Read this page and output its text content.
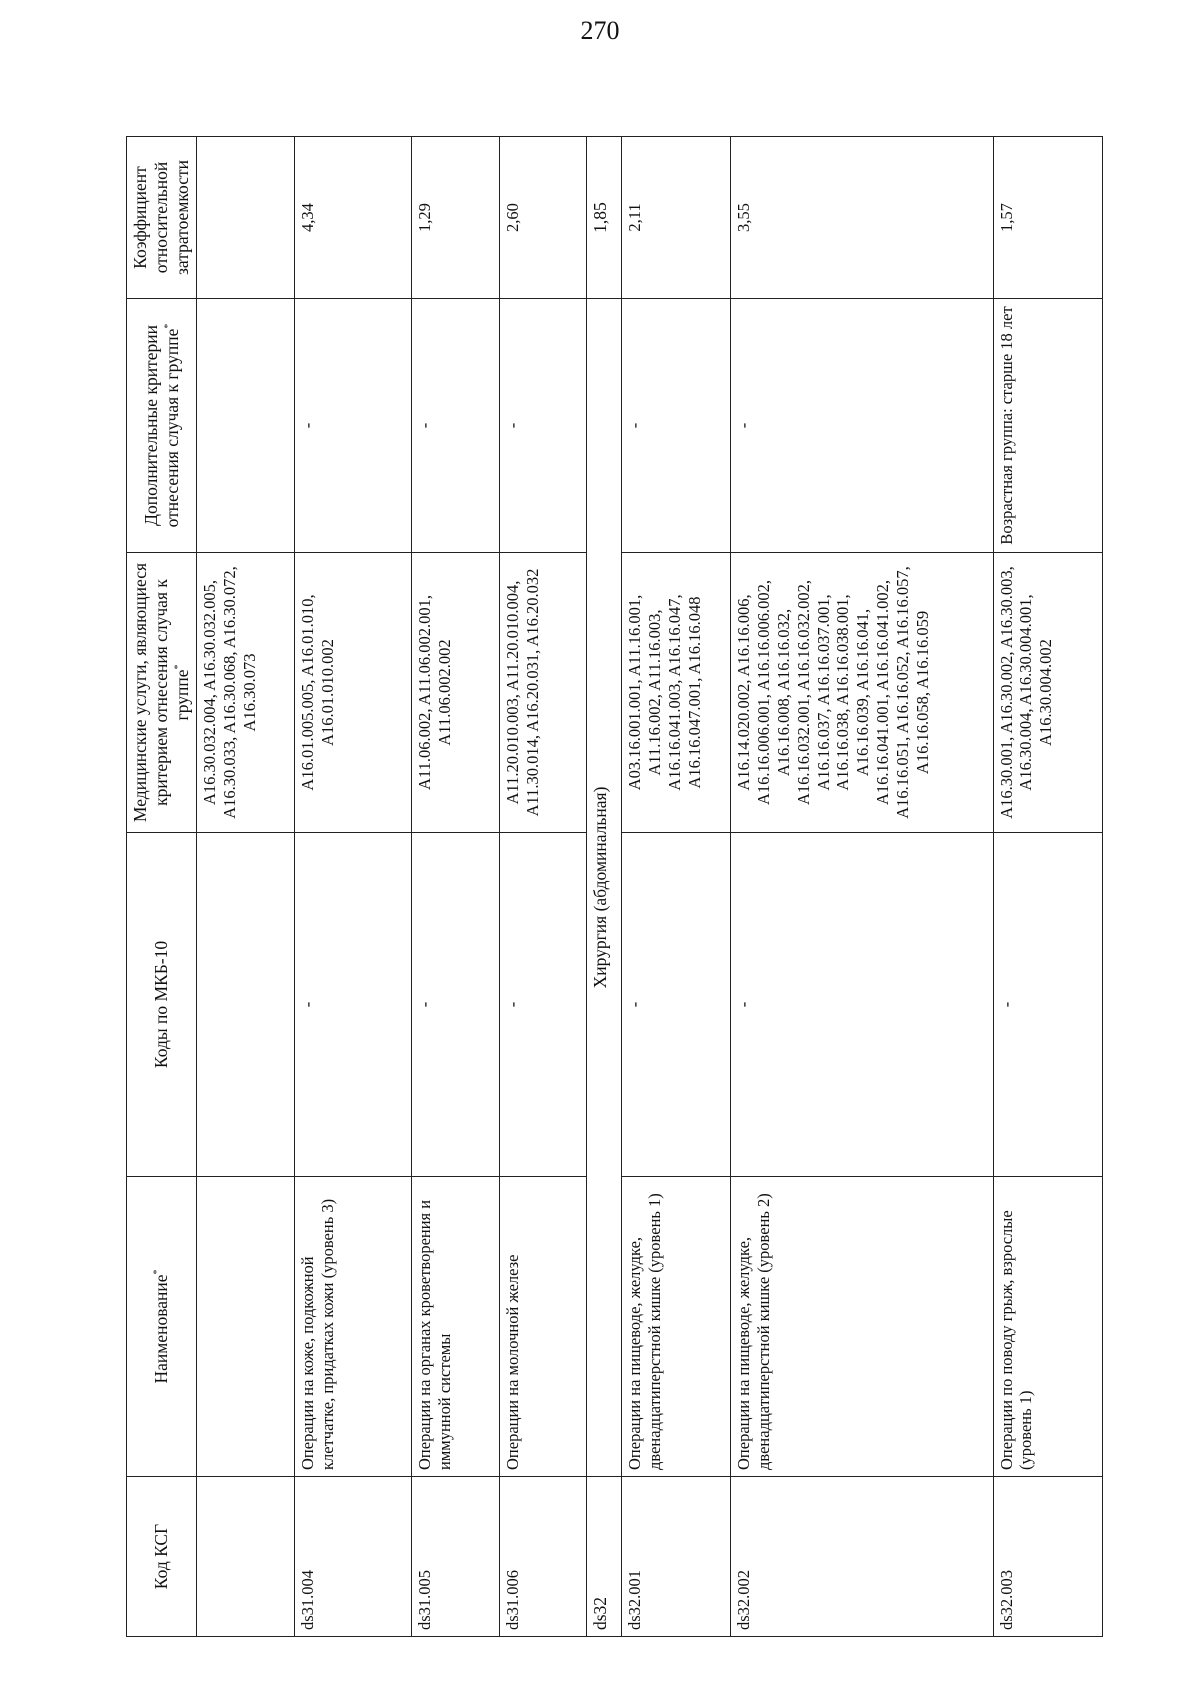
270
Код КСГ	Наименование*	Коды по МКБ-10	Медицинские услуги, являющиеся критерием отнесения случая к группе*	Дополнительные критерии отнесения случая к группе*	Коэффициент относительной затратоемкости
			A16.30.032.004, A16.30.032.005, A16.30.033, A16.30.068, A16.30.072, A16.30.073		
ds31.004	Операции на коже, подкожной клетчатке, придатках кожи (уровень 3)	-	A16.01.005.005, A16.01.010, A16.01.010.002	-	4,34
ds31.005	Операции на органах кроветворения и иммунной системы	-	A11.06.002, A11.06.002.001, A11.06.002.002	-	1,29
ds31.006	Операции на молочной железе	-	A11.20.010.003, A11.20.010.004, A11.30.014, A16.20.031, A16.20.032	-	2,60
ds32	Хирургия (абдоминальная)				1,85
ds32.001	Операции на пищеводе, желудке, двенадцатиперстной кишке (уровень 1)	-	A03.16.001.001, A11.16.001, A11.16.002, A11.16.003, A16.16.041.003, A16.16.047, A16.16.047.001, A16.16.048	-	2,11
ds32.002	Операции на пищеводе, желудке, двенадцатиперстной кишке (уровень 2)	-	A16.14.020.002, A16.16.006, A16.16.006.001, A16.16.006.002, A16.16.008, A16.16.032, A16.16.032.001, A16.16.032.002, A16.16.037, A16.16.037.001, A16.16.038, A16.16.038.001, A16.16.039, A16.16.041, A16.16.041.001, A16.16.041.002, A16.16.051, A16.16.052, A16.16.057, A16.16.058, A16.16.059	-	3,55
ds32.003	Операции по поводу грыж, взрослые (уровень 1)	-	A16.30.001, A16.30.002, A16.30.003, A16.30.004, A16.30.004.001, A16.30.004.002	Возрастная группа: старше 18 лет	1,57
